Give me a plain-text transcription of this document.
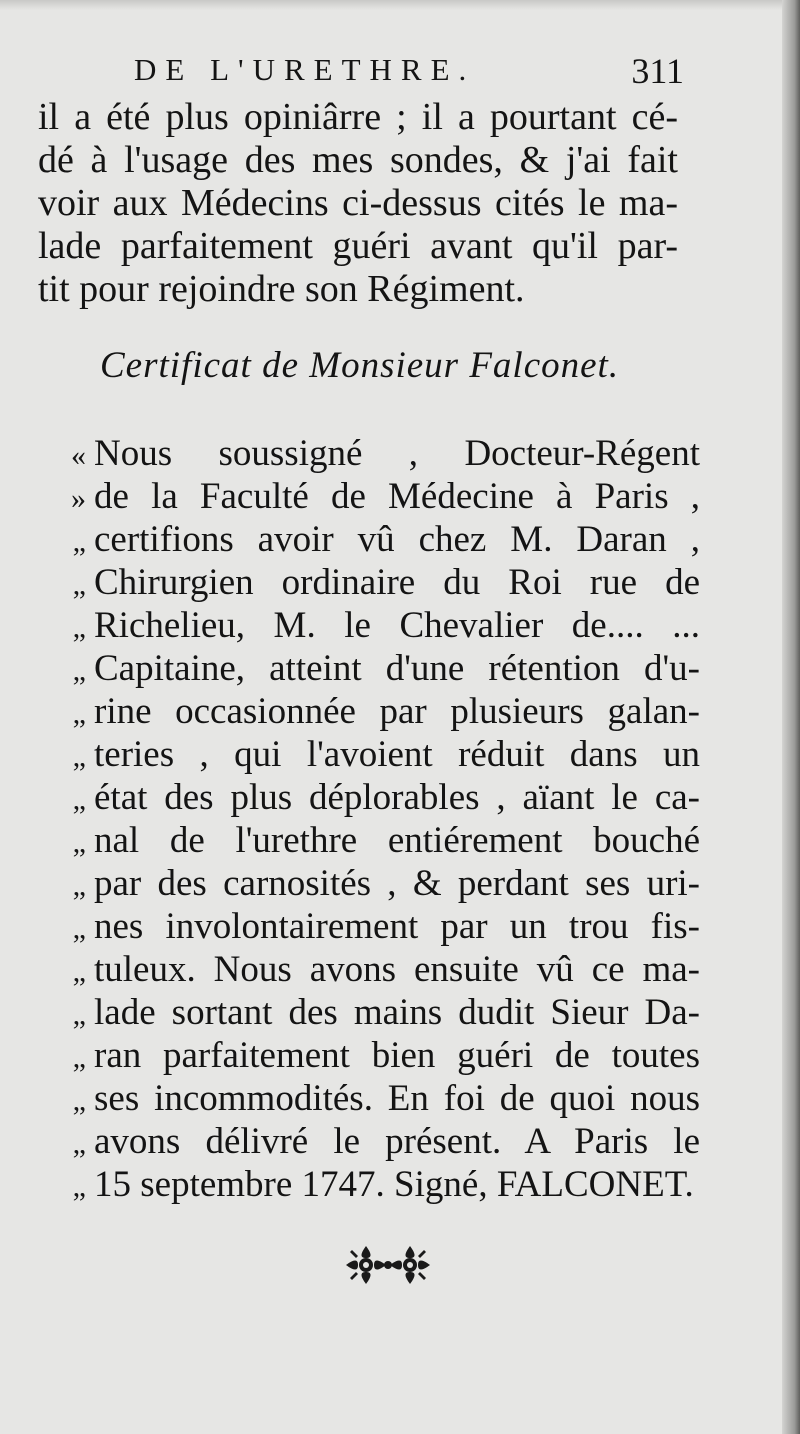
DE L'URETHRE.	311
il a été plus opiniârre ; il a pourtant cé-
dé à l'usage des mes sondes, & j'ai fait
voir aux Médecins ci-dessus cités le ma-
lade parfaitement guéri avant qu'il par-
tit pour rejoindre son Régiment.
Certificat de Monsieur Falconet.
« Nous soussigné , Docteur-Régent
» de la Faculté de Médecine à Paris ,
„ certifions avoir vû chez M. Daran ,
„ Chirurgien ordinaire du Roi rue de
„ Richelieu, M. le Chevalier de.... ...
„ Capitaine, atteint d'une rétention d'u-
„ rine occasionnée par plusieurs galan-
„ teries , qui l'avoient réduit dans un
„ état des plus déplorables , aïant le ca-
„ nal de l'urethre entiérement bouché
„ par des carnosités , & perdant ses uri-
„ nes involontairement par un trou fis-
„ tuleux. Nous avons ensuite vû ce ma-
„ lade sortant des mains dudit Sieur Da-
„ ran parfaitement bien guéri de toutes
„ ses incommodités. En foi de quoi nous
„ avons délivré le présent. A Paris le
„ 15 septembre 1747. Signé, FALCONET.
